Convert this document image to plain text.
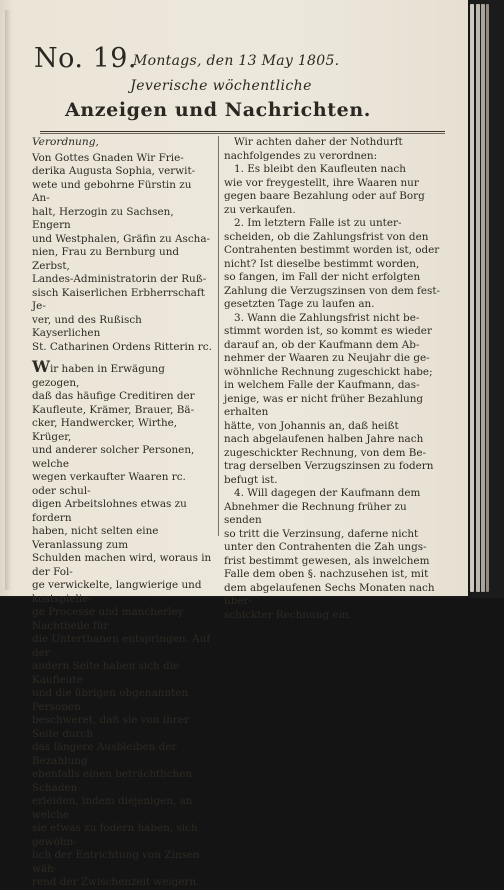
No. 19.
Montags, den 13 May 1805.
Jeverische wöchentliche
Anzeigen und Nachrichten.

Verordnung,

Von Gottes Gnaden Wir Frie-

derika Augusta Sophia, verwit-

wete und gebohrne Fürstin zu An-

halt, Herzogin zu Sachsen, Engern

und Westphalen, Gräfin zu Ascha-

nien, Frau zu Bernburg und Zerbst,

Landes-Administratorin der Ruß-

sisch Kaiserlichen Erbherrschaft Je-

ver, und des Rußisch Kayserlichen

St. Catharinen Ordens Ritterin rc.

Wir haben in Erwägung gezogen,

daß das häufige Creditiren der

Kaufleute, Krämer, Brauer, Bä-

cker, Handwercker, Wirthe, Krüger,

und anderer solcher Personen, welche

wegen verkaufter Waaren rc. oder schul-

digen Arbeitslohnes etwas zu fordern

haben, nicht selten eine Veranlassung zum

Schulden machen wird, woraus in der Fol-

ge verwickelte, langwierige und kostspielie-

ge Processe und mancherley Nachtheile für

die Unterthanen entspringen. Auf der

andern Seite haben sich die Kaufleute

und die übrigen obgenannten Personen

beschweret, daß sie von ihrer Seite durch

das längere Ausbleiben der Bezahlung

ebenfalls einen beträchtlichen Schaden

erleiden, indem diejenigen, an welche

sie etwas zu fodern haben, sich gewöhn-

lich der Entrichtung von Zinsen wäh-

rend der Zwischenzeit weigern.

Wir achten daher der Nothdurft

nachfolgendes zu verordnen:

1. Es bleibt den Kaufleuten nach

wie vor freygestellt, ihre Waaren nur

gegen baare Bezahlung oder auf Borg

zu verkaufen.

2. Im letztern Falle ist zu unter-

scheiden, ob die Zahlungsfrist von den

Contrahenten bestimmt worden ist, oder

nicht? Ist dieselbe bestimmt worden,

so fangen, im Fall der nicht erfolgten

Zahlung die Verzugszinsen von dem fest-

gesetzten Tage zu laufen an.

3. Wann die Zahlungsfrist nicht be-

stimmt worden ist, so kommt es wieder

darauf an, ob der Kaufmann dem Ab-

nehmer der Waaren zu Neujahr die ge-

wöhnliche Rechnung zugeschickt habe;

in welchem Falle der Kaufmann, das-

jenige, was er nicht früher Bezahlung erhalten

hätte, von Johannis an, daß heißt

nach abgelaufenen halben Jahre nach

zugeschickter Rechnung, von dem Be-

trag derselben Verzugszinsen zu fodern

befugt ist.

4. Will dagegen der Kaufmann dem

Abnehmer die Rechnung früher zu senden

so tritt die Verzinsung, daferne nicht

unter den Contrahenten die Zah ungs-

frist bestimmt gewesen, als inwelchem

Falle dem oben §. nachzusehen ist, mit

dem abgelaufenen Sechs Monaten nach über-

schickter Rechnung ein.
